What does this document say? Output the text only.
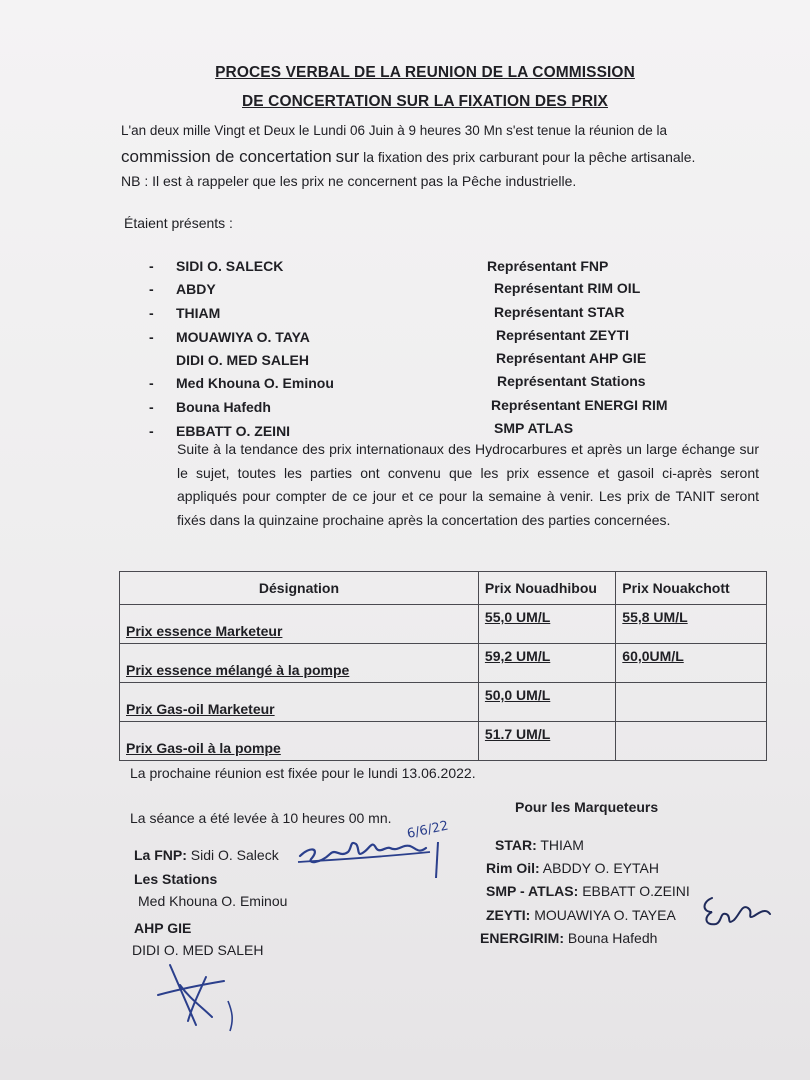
PROCES VERBAL DE LA REUNION DE LA COMMISSION
DE CONCERTATION SUR LA FIXATION DES PRIX
L'an deux mille Vingt et Deux le Lundi 06 Juin à 9 heures 30 Mn s'est tenue la réunion de la
commission de concertation sur la fixation des prix carburant pour la pêche artisanale.
NB : Il est à rappeler que les prix ne concernent pas la Pêche industrielle.
Étaient présents :
- SIDI O. SALECK	Représentant FNP
- ABDY	Représentant RIM OIL
- THIAM	Représentant STAR
- MOUAWIYA O. TAYA	Représentant ZEYTI
DIDI O. MED SALEH	Représentant AHP GIE
- Med Khouna O. Eminou	Représentant Stations
- Bouna Hafedh	Représentant ENERGI RIM
- EBBATT O. ZEINI	SMP ATLAS
Suite à la tendance des prix internationaux des Hydrocarbures et après un large échange sur le sujet, toutes les parties ont convenu que les prix essence et gasoil ci-après seront appliqués pour compter de ce jour et ce pour la semaine à venir. Les prix de TANIT seront fixés dans la quinzaine prochaine après la concertation des parties concernées.
Désignation	Prix Nouadhibou	Prix Nouakchott
Prix essence Marketeur	55,0 UM/L	55,8 UM/L
Prix essence mélangé à la pompe	59,2 UM/L	60,0UM/L
Prix Gas-oil Marketeur	50,0 UM/L	
Prix Gas-oil à la pompe	51.7 UM/L	
La prochaine réunion est fixée pour le lundi 13.06.2022.
La séance a été levée à 10 heures 00 mn.
La FNP: Sidi O. Saleck
Les Stations
Med Khouna O. Eminou
AHP GIE
DIDI O. MED SALEH
Pour les Marqueteurs
STAR: THIAM
Rim Oil: ABDDY O. EYTAH
SMP - ATLAS: EBBATT O.ZEINI
ZEYTI: MOUAWIYA O. TAYEA
ENERGIRIM: Bouna Hafedh
6/6/22
